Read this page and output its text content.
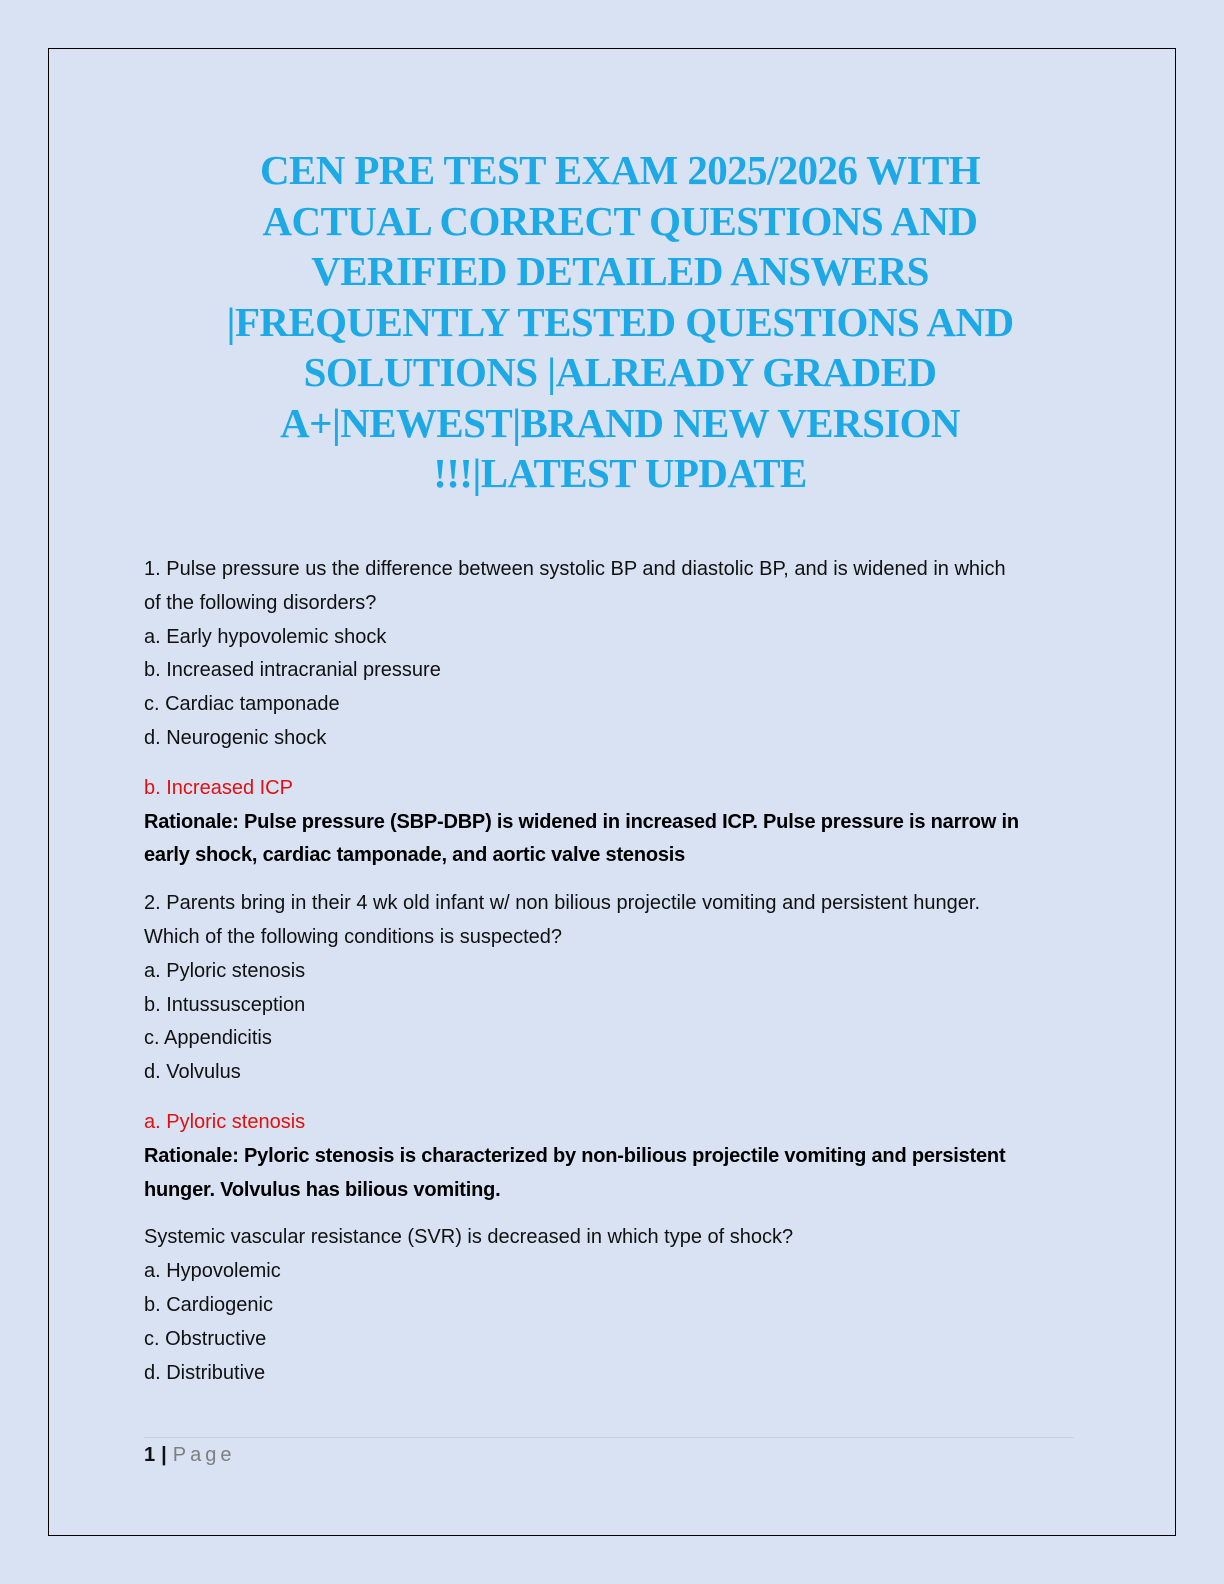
CEN PRE TEST EXAM 2025/2026 WITH
ACTUAL CORRECT QUESTIONS AND
VERIFIED DETAILED ANSWERS
|FREQUENTLY TESTED QUESTIONS AND
SOLUTIONS |ALREADY GRADED
A+|NEWEST|BRAND NEW VERSION
!!!|LATEST UPDATE
1. Pulse pressure us the difference between systolic BP and diastolic BP, and is widened in which
of the following disorders?
a. Early hypovolemic shock
b. Increased intracranial pressure
c. Cardiac tamponade
d. Neurogenic shock
b. Increased ICP
Rationale: Pulse pressure (SBP-DBP) is widened in increased ICP. Pulse pressure is narrow in
early shock, cardiac tamponade, and aortic valve stenosis
2. Parents bring in their 4 wk old infant w/ non bilious projectile vomiting and persistent hunger.
Which of the following conditions is suspected?
a. Pyloric stenosis
b. Intussusception
c. Appendicitis
d. Volvulus
a. Pyloric stenosis
Rationale: Pyloric stenosis is characterized by non-bilious projectile vomiting and persistent
hunger. Volvulus has bilious vomiting.
Systemic vascular resistance (SVR) is decreased in which type of shock?
a. Hypovolemic
b. Cardiogenic
c. Obstructive
d. Distributive
1 | Page
